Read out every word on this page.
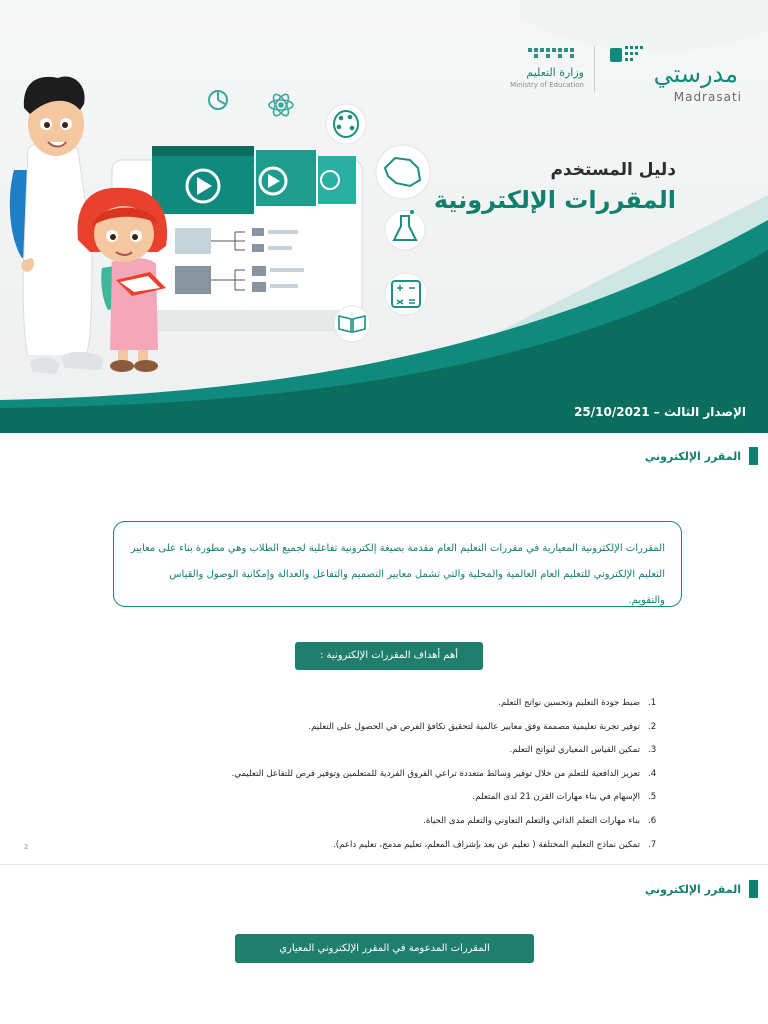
مدرستي
Madrasati
وزارة التعليم
Ministry of Education
دليل المستخدم
المقررات الإلكترونية
الإصدار الثالث – 25/10/2021
المقرر الإلكتروني
المقررات الإلكترونية المعيارية في مقررات التعليم العام مقدمة بصيغة إلكترونية تفاعلية لجميع الطلاب وهي مطورة بناء على معايير التعليم الإلكتروني للتعليم العام العالمية والمحلية والتي تشمل معايير التصميم والتفاعل والعدالة وإمكانية الوصول والقياس والتقويم.
أهم أهداف المقررات الإلكترونية :
1.
ضبط جودة التعليم وتحسين نواتج التعلم.
2.
توفير تجربة تعليمية مصممة وفق معايير عالمية لتحقيق تكافؤ الفرص في الحصول على التعليم.
3.
تمكين القياس المعياري لنواتج التعلم.
4.
تعزيز الدافعية للتعلم من خلال توفير وسائط متعددة تراعي الفروق الفردية للمتعلمين وتوفير فرص للتفاعل التعليمي.
5.
الإسهام في بناء مهارات القرن 21 لدى المتعلم.
6.
بناء مهارات التعلم الذاتي والتعلم التعاوني والتعلم مدى الحياة.
7.
تمكين نماذج التعليم المختلفة ( تعليم عن بعد بإشراف المعلم، تعليم مدمج، تعليم داعم).
2
المقرر الإلكتروني
المقررات المدعومة في المقرر الإلكتروني المعياري
